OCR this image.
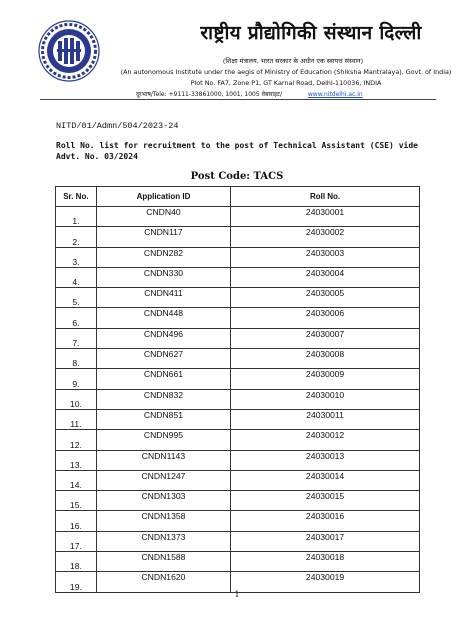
राष्ट्रीय प्रौद्योगिकी संस्थान दिल्ली
(शिक्षा मंत्रालय, भारत सरकार के अधीन एक स्वायत्त संस्थान)
(An autonomous Institute under the aegis of Ministry of Education (Shiksha Mantralaya), Govt. of India)
Plot No. FA7, Zone P1, GT Karnal Road, Delhi-110036, INDIA
दूरभाष/Tele: +9111-33861000, 1001, 1005 वेबसाइट/	www.nitdelhi.ac.in
NITD/01/Admn/504/2023-24
Roll No. list for recruitment to the post of Technical Assistant (CSE) vide Advt. No. 03/2024
Post Code: TACS
Sr. No.	Application ID	Roll No.
1.	CNDN40	24030001
2.	CNDN117	24030002
3.	CNDN282	24030003
4.	CNDN330	24030004
5.	CNDN411	24030005
6.	CNDN448	24030006
7.	CNDN496	24030007
8.	CNDN627	24030008
9.	CNDN661	24030009
10.	CNDN832	24030010
11.	CNDN851	24030011
12.	CNDN995	24030012
13.	CNDN1143	24030013
14.	CNDN1247	24030014
15.	CNDN1303	24030015
16.	CNDN1358	24030016
17.	CNDN1373	24030017
18.	CNDN1588	24030018
19.	CNDN1620	24030019
1
